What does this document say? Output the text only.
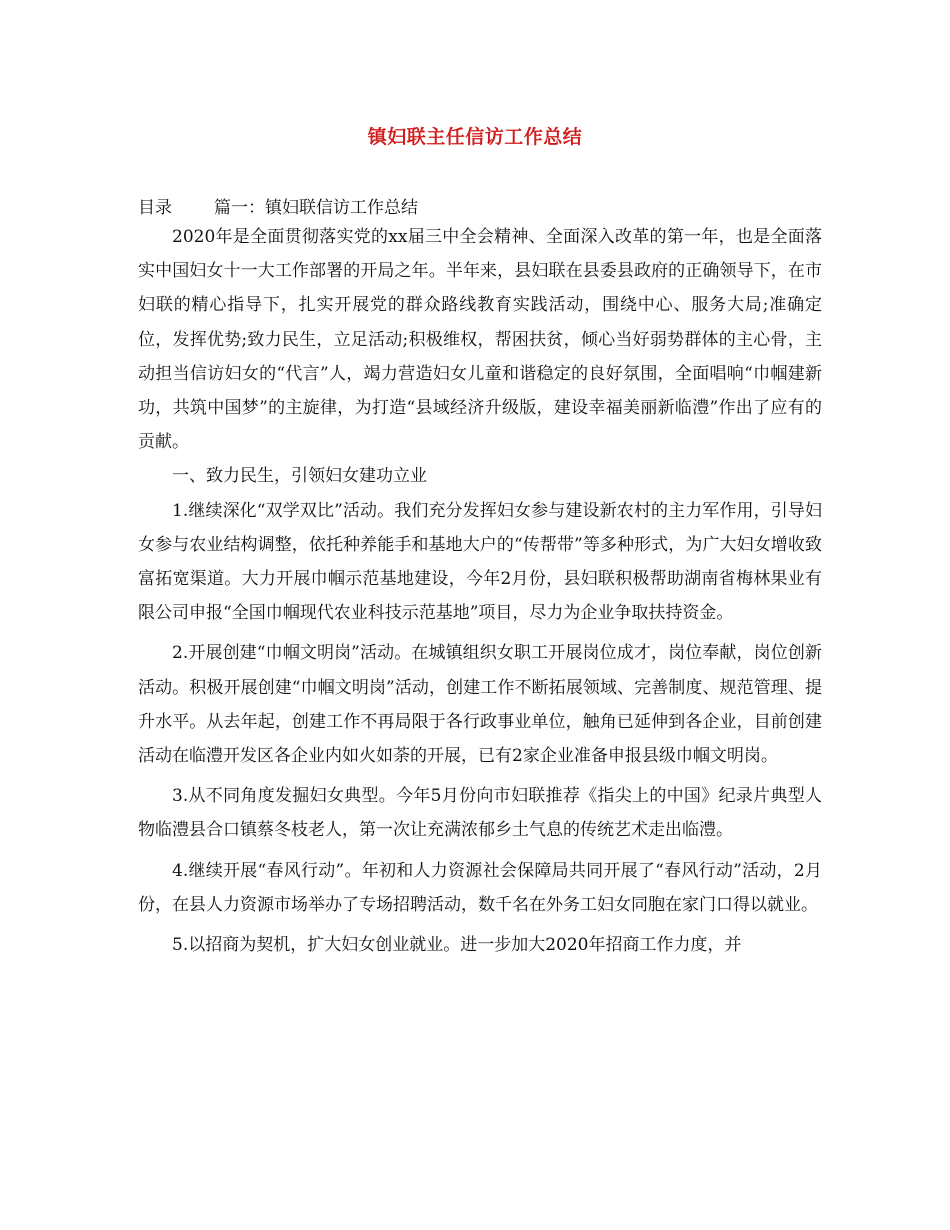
镇妇联主任信访工作总结
目录 篇一：镇妇联信访工作总结

2020年是全面贯彻落实党的xx届三中全会精神、全面深入改革的第一年，也是全面落实中国妇女十一大工作部署的开局之年。半年来，县妇联在县委县政府的正确领导下，在市妇联的精心指导下，扎实开展党的群众路线教育实践活动，围绕中心、服务大局;准确定位，发挥优势;致力民生，立足活动;积极维权，帮困扶贫，倾心当好弱势群体的主心骨，主动担当信访妇女的“代言”人，竭力营造妇女儿童和谐稳定的良好氛围，全面唱响“巾帼建新功，共筑中国梦”的主旋律，为打造“县域经济升级版，建设幸福美丽新临澧”作出了应有的贡献。

一、致力民生，引领妇女建功立业

1.继续深化“双学双比”活动。我们充分发挥妇女参与建设新农村的主力军作用，引导妇女参与农业结构调整，依托种养能手和基地大户的“传帮带”等多种形式，为广大妇女增收致富拓宽渠道。大力开展巾帼示范基地建设，今年2月份，县妇联积极帮助湖南省梅林果业有限公司申报“全国巾帼现代农业科技示范基地”项目，尽力为企业争取扶持资金。

2.开展创建“巾帼文明岗”活动。在城镇组织女职工开展岗位成才，岗位奉献，岗位创新活动。积极开展创建“巾帼文明岗”活动，创建工作不断拓展领域、完善制度、规范管理、提升水平。从去年起，创建工作不再局限于各行政事业单位，触角已延伸到各企业，目前创建活动在临澧开发区各企业内如火如荼的开展，已有2家企业准备申报县级巾帼文明岗。

3.从不同角度发掘妇女典型。今年5月份向市妇联推荐《指尖上的中国》纪录片典型人物临澧县合口镇蔡冬枝老人，第一次让充满浓郁乡土气息的传统艺术走出临澧。

4.继续开展“春风行动”。年初和人力资源社会保障局共同开展了“春风行动”活动，2月份，在县人力资源市场举办了专场招聘活动，数千名在外务工妇女同胞在家门口得以就业。

5.以招商为契机，扩大妇女创业就业。进一步加大2020年招商工作力度，并
